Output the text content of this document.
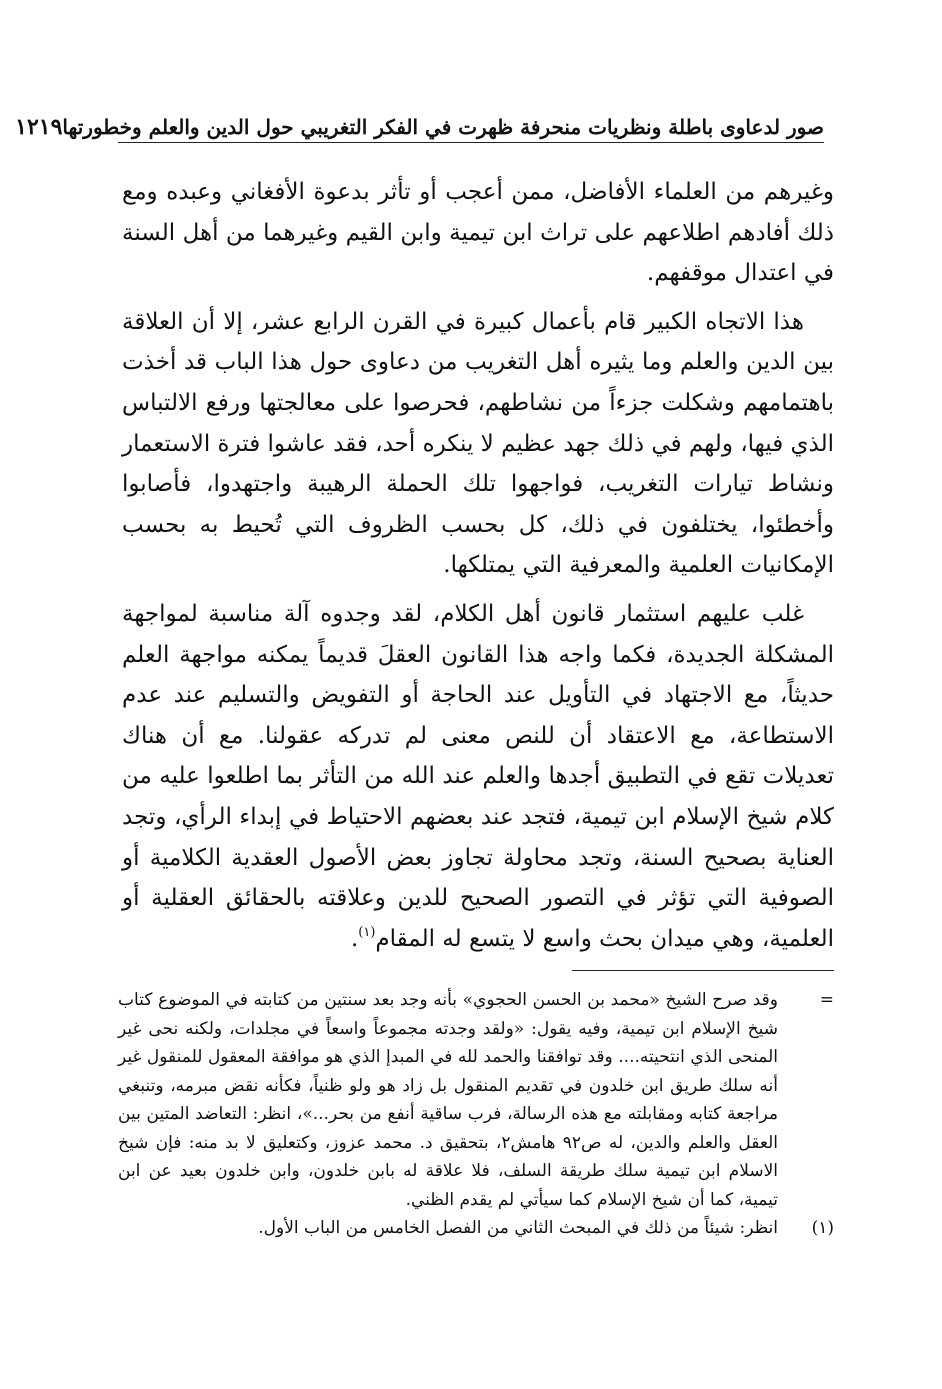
صور لدعاوى باطلة ونظريات منحرفة ظهرت في الفكر التغريبي حول الدين والعلم وخطورتها
١٢١٩

وغيرهم من العلماء الأفاضل، ممن أعجب أو تأثر بدعوة الأفغاني وعبده ومع ذلك أفادهم اطلاعهم على تراث ابن تيمية وابن القيم وغيرهما من أهل السنة في اعتدال موقفهم.

هذا الاتجاه الكبير قام بأعمال كبيرة في القرن الرابع عشر، إلا أن العلاقة بين الدين والعلم وما يثيره أهل التغريب من دعاوى حول هذا الباب قد أخذت باهتمامهم وشكلت جزءاً من نشاطهم، فحرصوا على معالجتها ورفع الالتباس الذي فيها، ولهم في ذلك جهد عظيم لا ينكره أحد، فقد عاشوا فترة الاستعمار ونشاط تيارات التغريب، فواجهوا تلك الحملة الرهيبة واجتهدوا، فأصابوا وأخطئوا، يختلفون في ذلك، كل بحسب الظروف التي تُحيط به بحسب الإمكانيات العلمية والمعرفية التي يمتلكها.

غلب عليهم استثمار قانون أهل الكلام، لقد وجدوه آلة مناسبة لمواجهة المشكلة الجديدة، فكما واجه هذا القانون العقلَ قديماً يمكنه مواجهة العلم حديثاً، مع الاجتهاد في التأويل عند الحاجة أو التفويض والتسليم عند عدم الاستطاعة، مع الاعتقاد أن للنص معنى لم تدركه عقولنا. مع أن هناك تعديلات تقع في التطبيق أجدها والعلم عند الله من التأثر بما اطلعوا عليه من كلام شيخ الإسلام ابن تيمية، فتجد عند بعضهم الاحتياط في إبداء الرأي، وتجد العناية بصحيح السنة، وتجد محاولة تجاوز بعض الأصول العقدية الكلامية أو الصوفية التي تؤثر في التصور الصحيح للدين وعلاقته بالحقائق العقلية أو العلمية، وهي ميدان بحث واسع لا يتسع له المقام$^{(١)}$.

=
وقد صرح الشيخ «محمد بن الحسن الحجوي» بأنه وجد بعد سنتين من كتابته في الموضوع كتاب شيخ الإسلام ابن تيمية، وفيه يقول: «ولقد وجدته مجموعاً واسعاً في مجلدات، ولكنه نحى غير المنحى الذي انتحيته.... وقد توافقنا والحمد لله في المبدإ الذي هو موافقة المعقول للمنقول غير أنه سلك طريق ابن خلدون في تقديم المنقول بل زاد هو ولو ظنياً، فكأنه نقض مبرمه، وتنبغي مراجعة كتابه ومقابلته مع هذه الرسالة، فرب ساقية أنفع من بحر...»، انظر: التعاضد المتين بين العقل والعلم والدين، له ص٩٢ هامش٢، بتحقيق د. محمد عزوز، وكتعليق لا بد منه: فإن شيخ الاسلام ابن تيمية سلك طريقة السلف، فلا علاقة له بابن خلدون، وابن خلدون بعيد عن ابن تيمية، كما أن شيخ الإسلام كما سيأتي لم يقدم الظني.
(١)
انظر: شيئاً من ذلك في المبحث الثاني من الفصل الخامس من الباب الأول.
